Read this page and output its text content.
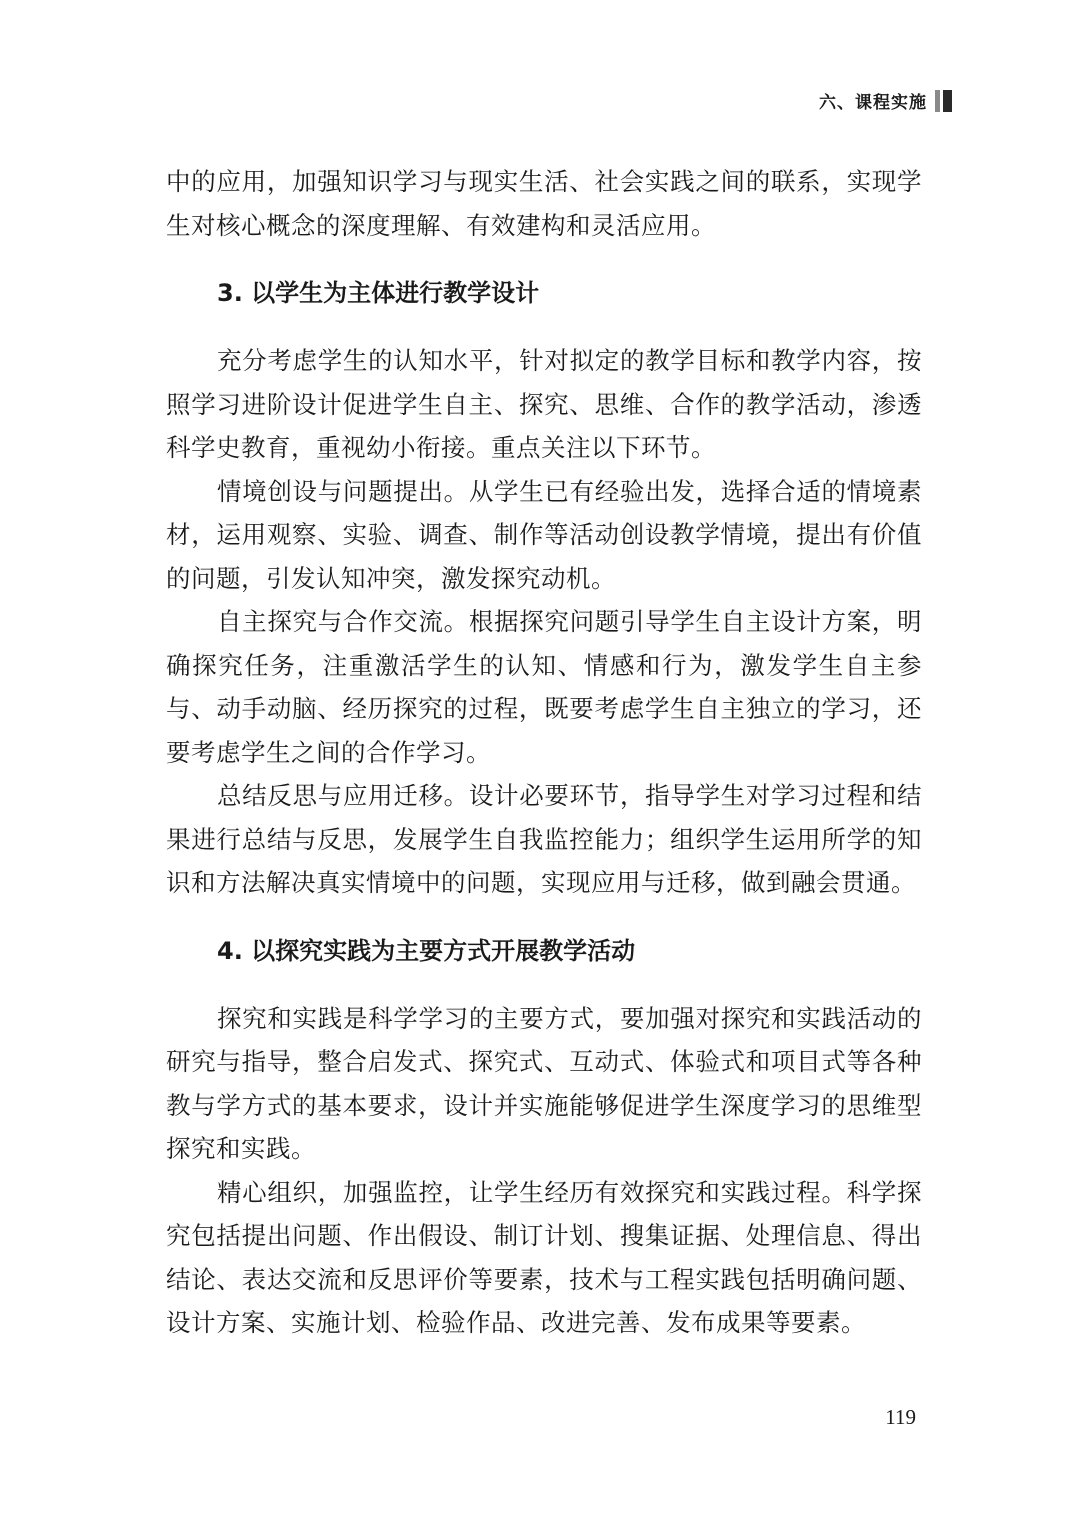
六、课程实施

中的应用，加强知识学习与现实生活、社会实践之间的联系，实现学生对核心概念的深度理解、有效建构和灵活应用。

3. 以学生为主体进行教学设计

充分考虑学生的认知水平，针对拟定的教学目标和教学内容，按照学习进阶设计促进学生自主、探究、思维、合作的教学活动，渗透科学史教育，重视幼小衔接。重点关注以下环节。

情境创设与问题提出。从学生已有经验出发，选择合适的情境素材，运用观察、实验、调查、制作等活动创设教学情境，提出有价值的问题，引发认知冲突，激发探究动机。

自主探究与合作交流。根据探究问题引导学生自主设计方案，明确探究任务，注重激活学生的认知、情感和行为，激发学生自主参与、动手动脑、经历探究的过程，既要考虑学生自主独立的学习，还要考虑学生之间的合作学习。

总结反思与应用迁移。设计必要环节，指导学生对学习过程和结果进行总结与反思，发展学生自我监控能力；组织学生运用所学的知识和方法解决真实情境中的问题，实现应用与迁移，做到融会贯通。

4. 以探究实践为主要方式开展教学活动

探究和实践是科学学习的主要方式，要加强对探究和实践活动的研究与指导，整合启发式、探究式、互动式、体验式和项目式等各种教与学方式的基本要求，设计并实施能够促进学生深度学习的思维型探究和实践。

精心组织，加强监控，让学生经历有效探究和实践过程。科学探究包括提出问题、作出假设、制订计划、搜集证据、处理信息、得出结论、表达交流和反思评价等要素，技术与工程实践包括明确问题、设计方案、实施计划、检验作品、改进完善、发布成果等要素。

119
